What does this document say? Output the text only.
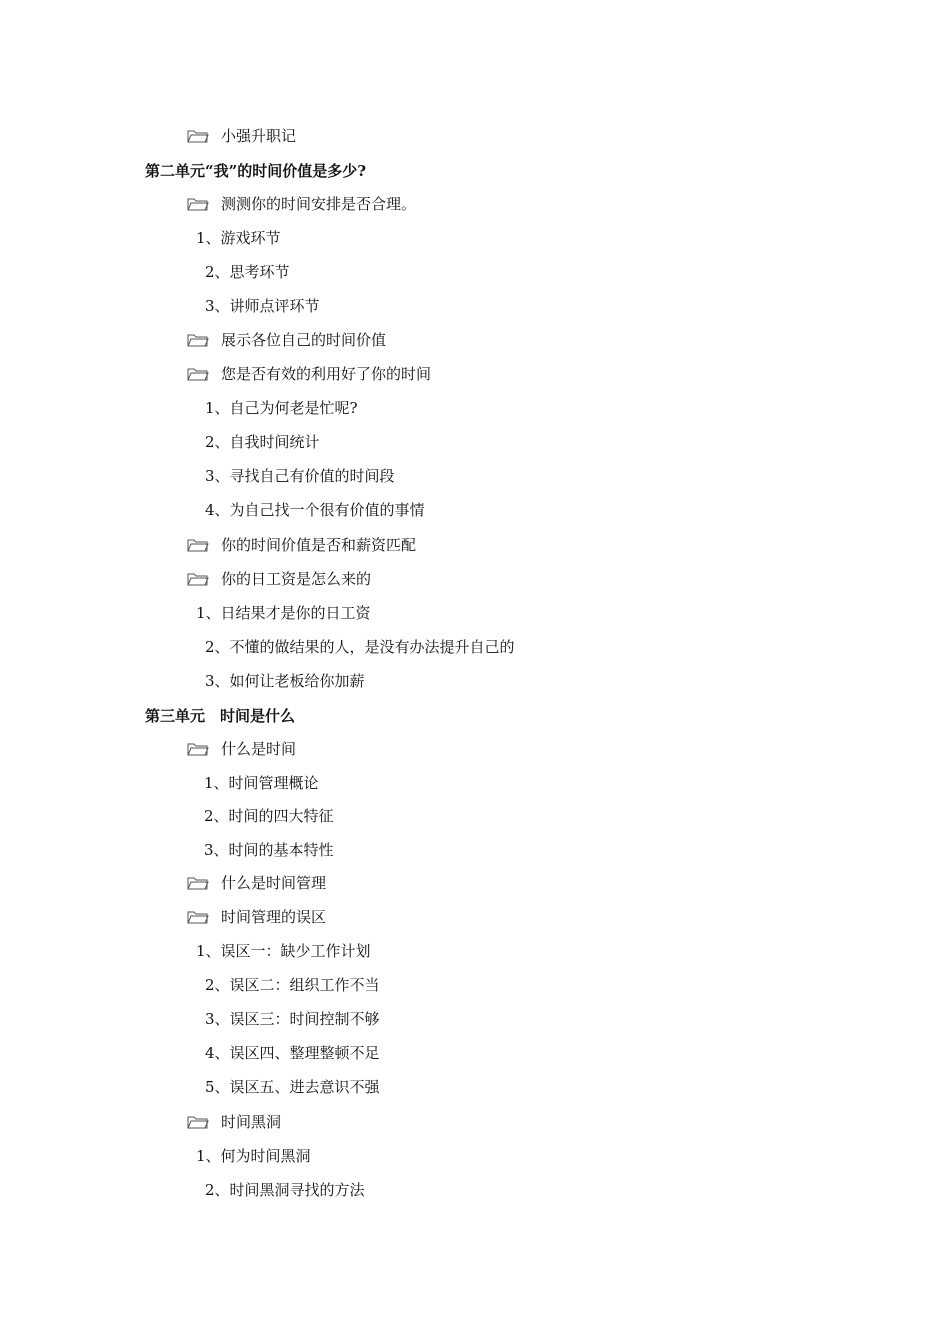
小强升职记
第二单元“我”的时间价值是多少?
测测你的时间安排是否合理。
1、游戏环节
2、思考环节
3、讲师点评环节
展示各位自己的时间价值
您是否有效的利用好了你的时间
1、自己为何老是忙呢?
2、自我时间统计
3、寻找自己有价值的时间段
4、为自己找一个很有价值的事情
你的时间价值是否和薪资匹配
你的日工资是怎么来的
1、日结果才是你的日工资
2、不懂的做结果的人，是没有办法提升自己的
3、如何让老板给你加薪
第三单元　时间是什么
什么是时间
1、时间管理概论
2、时间的四大特征
3、时间的基本特性
什么是时间管理
时间管理的误区
1、误区一：缺少工作计划
2、误区二：组织工作不当
3、误区三：时间控制不够
4、误区四、整理整顿不足
5、误区五、进去意识不强
时间黑洞
1、何为时间黑洞
2、时间黑洞寻找的方法
